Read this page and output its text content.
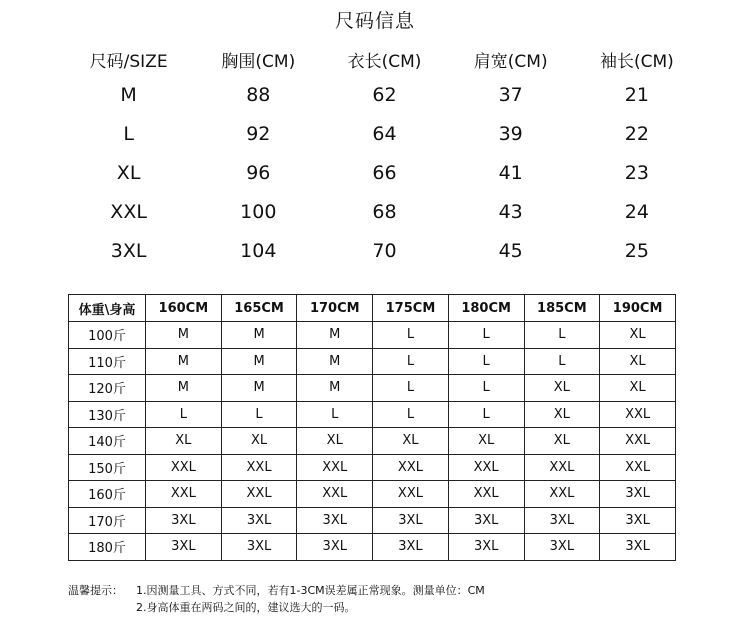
尺码信息
尺码/SIZE	胸围(CM)	衣长(CM)	肩宽(CM)	袖长(CM)
M	88	62	37	21
L	92	64	39	22
XL	96	66	41	23
XXL	100	68	43	24
3XL	104	70	45	25
体重\身高	160CM	165CM	170CM	175CM	180CM	185CM	190CM
100斤	M	M	M	L	L	L	XL
110斤	M	M	M	L	L	L	XL
120斤	M	M	M	L	L	XL	XL
130斤	L	L	L	L	L	XL	XXL
140斤	XL	XL	XL	XL	XL	XL	XXL
150斤	XXL	XXL	XXL	XXL	XXL	XXL	XXL
160斤	XXL	XXL	XXL	XXL	XXL	XXL	3XL
170斤	3XL	3XL	3XL	3XL	3XL	3XL	3XL
180斤	3XL	3XL	3XL	3XL	3XL	3XL	3XL
温馨提示：	1.因测量工具、方式不同，若有1-3CM误差属正常现象。测量单位：CM
2.身高体重在两码之间的，建议选大的一码。
